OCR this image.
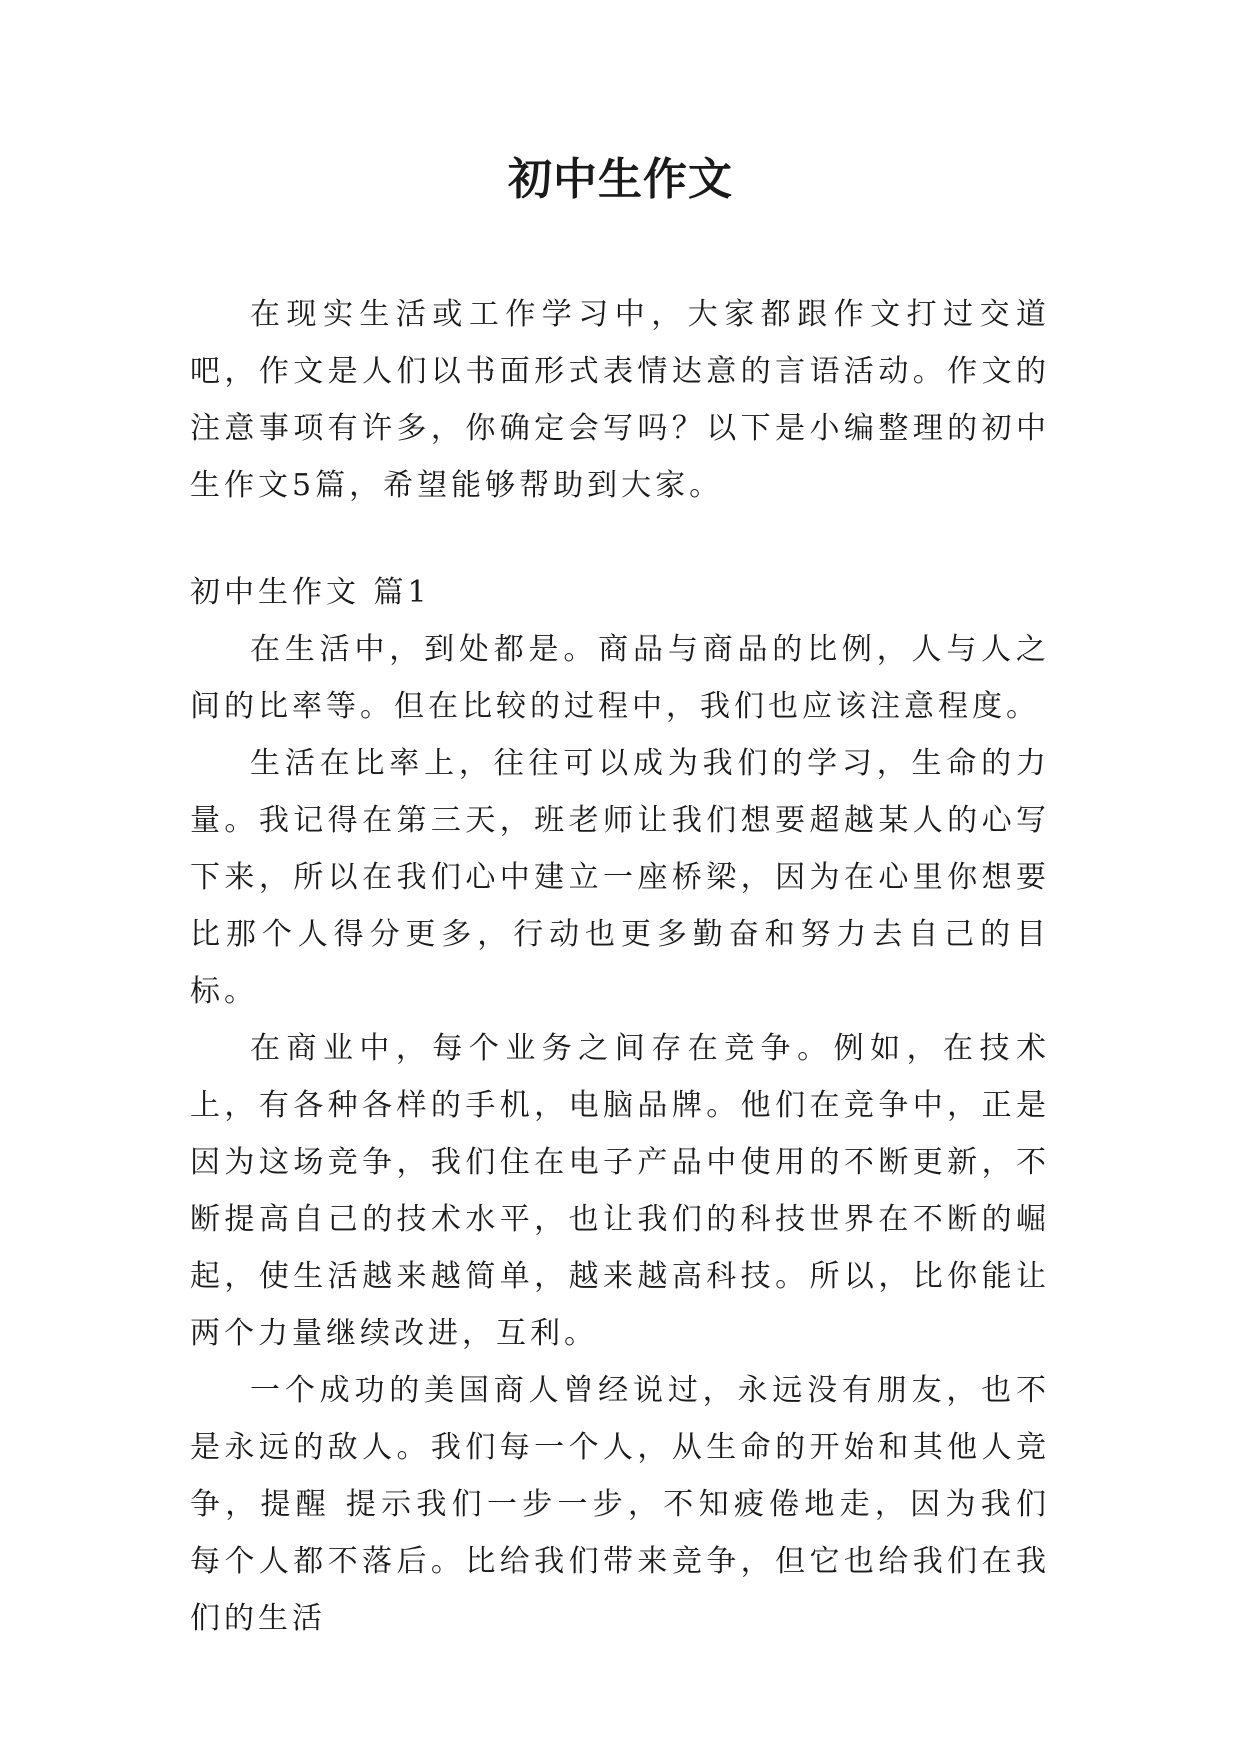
初中生作文

在现实生活或工作学习中，大家都跟作文打过交道吧，作文是人们以书面形式表情达意的言语活动。作文的注意事项有许多，你确定会写吗？以下是小编整理的初中生作文5篇，希望能够帮助到大家。

初中生作文 篇1

在生活中，到处都是。商品与商品的比例，人与人之间的比率等。但在比较的过程中，我们也应该注意程度。

生活在比率上，往往可以成为我们的学习，生命的力量。我记得在第三天，班老师让我们想要超越某人的心写下来，所以在我们心中建立一座桥梁，因为在心里你想要比那个人得分更多，行动也更多勤奋和努力去自己的目标。

在商业中，每个业务之间存在竞争。例如，在技术上，有各种各样的手机，电脑品牌。他们在竞争中，正是因为这场竞争，我们住在电子产品中使用的不断更新，不断提高自己的技术水平，也让我们的科技世界在不断的崛起，使生活越来越简单，越来越高科技。所以，比你能让两个力量继续改进，互利。

一个成功的美国商人曾经说过，永远没有朋友，也不是永远的敌人。我们每一个人，从生命的开始和其他人竞争，提醒 提示我们一步一步，不知疲倦地走，因为我们每个人都不落后。比给我们带来竞争，但它也给我们在我们的生活
